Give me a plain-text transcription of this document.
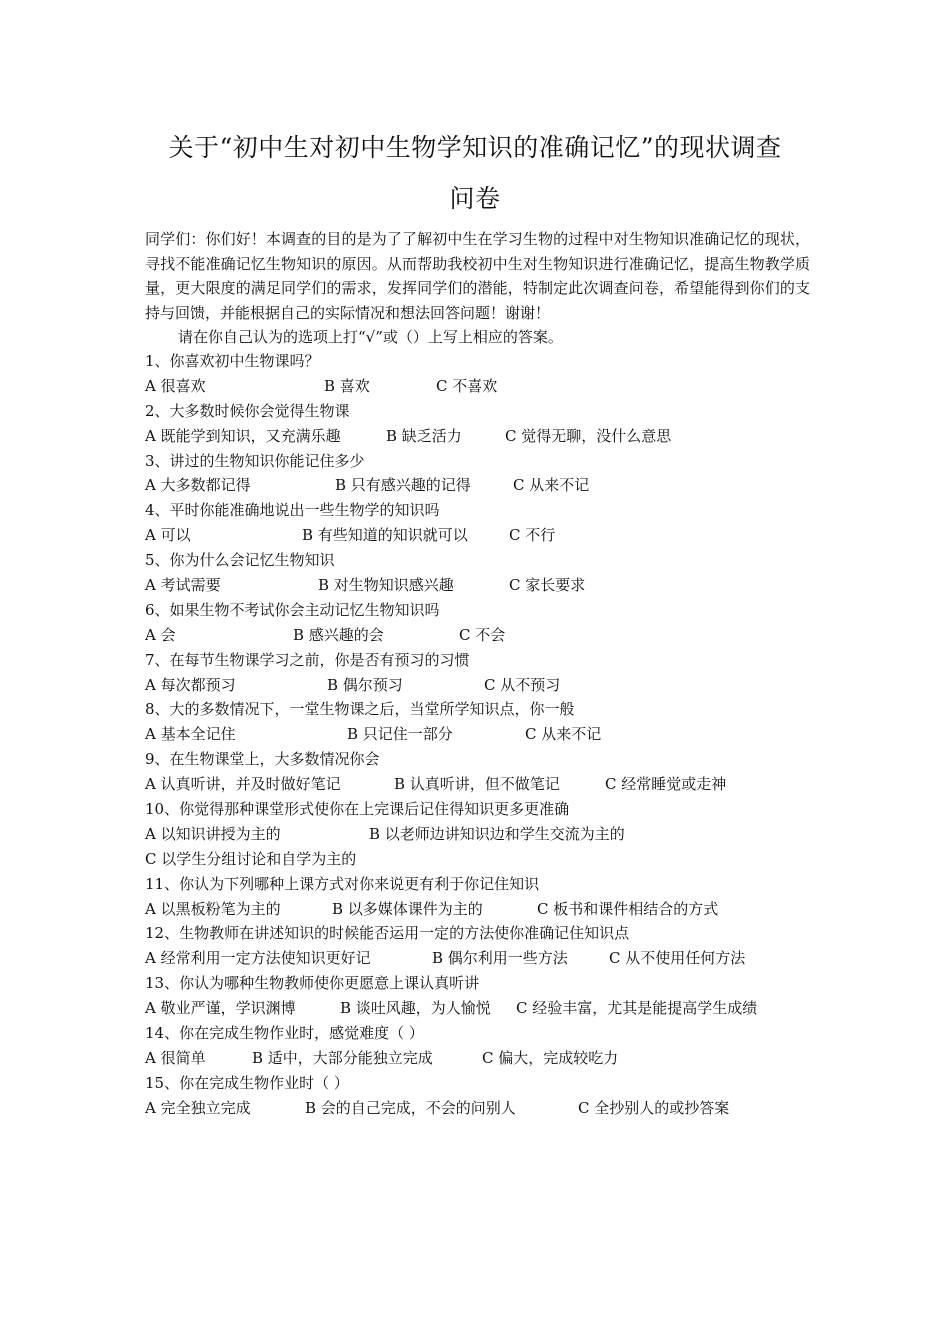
关于“初中生对初中生物学知识的准确记忆”的现状调查
问卷

同学们：你们好！本调查的目的是为了了解初中生在学习生物的过程中对生物知识准确记忆的现状，寻找不能准确记忆生物知识的原因。从而帮助我校初中生对生物知识进行准确记忆，提高生物教学质量，更大限度的满足同学们的需求，发挥同学们的潜能，特制定此次调查问卷，希望能得到你们的支持与回馈，并能根据自己的实际情况和想法回答问题！谢谢！

请在你自己认为的选项上打“√”或（）上写上相应的答案。

1、你喜欢初中生物课吗？
A 很喜欢	B 喜欢	C 不喜欢
2、大多数时候你会觉得生物课
A 既能学到知识，又充满乐趣	B 缺乏活力	C 觉得无聊，没什么意思
3、讲过的生物知识你能记住多少
A 大多数都记得	B 只有感兴趣的记得	C 从来不记
4、平时你能准确地说出一些生物学的知识吗
A 可以	B 有些知道的知识就可以	C 不行
5、你为什么会记忆生物知识
A 考试需要	B 对生物知识感兴趣	C 家长要求
6、如果生物不考试你会主动记忆生物知识吗
A 会	B 感兴趣的会	C 不会
7、在每节生物课学习之前，你是否有预习的习惯
A 每次都预习	B 偶尔预习	C 从不预习
8、大的多数情况下，一堂生物课之后，当堂所学知识点，你一般
A 基本全记住	B 只记住一部分	C 从来不记
9、在生物课堂上，大多数情况你会
A 认真听讲，并及时做好笔记	B 认真听讲，但不做笔记	C 经常睡觉或走神
10、你觉得那种课堂形式使你在上完课后记住得知识更多更准确
A 以知识讲授为主的	B 以老师边讲知识边和学生交流为主的
C 以学生分组讨论和自学为主的
11、你认为下列哪种上课方式对你来说更有利于你记住知识
A 以黑板粉笔为主的	B 以多媒体课件为主的	C 板书和课件相结合的方式
12、生物教师在讲述知识的时候能否运用一定的方法使你准确记住知识点
A 经常利用一定方法使知识更好记	B 偶尔利用一些方法	C 从不使用任何方法
13、你认为哪种生物教师使你更愿意上课认真听讲
A 敬业严谨，学识渊博	B 谈吐风趣，为人愉悦 C 经验丰富，尤其是能提高学生成绩
14、你在完成生物作业时，感觉难度（ ）
A 很简单	B 适中，大部分能独立完成	C 偏大，完成较吃力
15、你在完成生物作业时（ ）
A 完全独立完成	B 会的自己完成，不会的问别人	C 全抄别人的或抄答案
